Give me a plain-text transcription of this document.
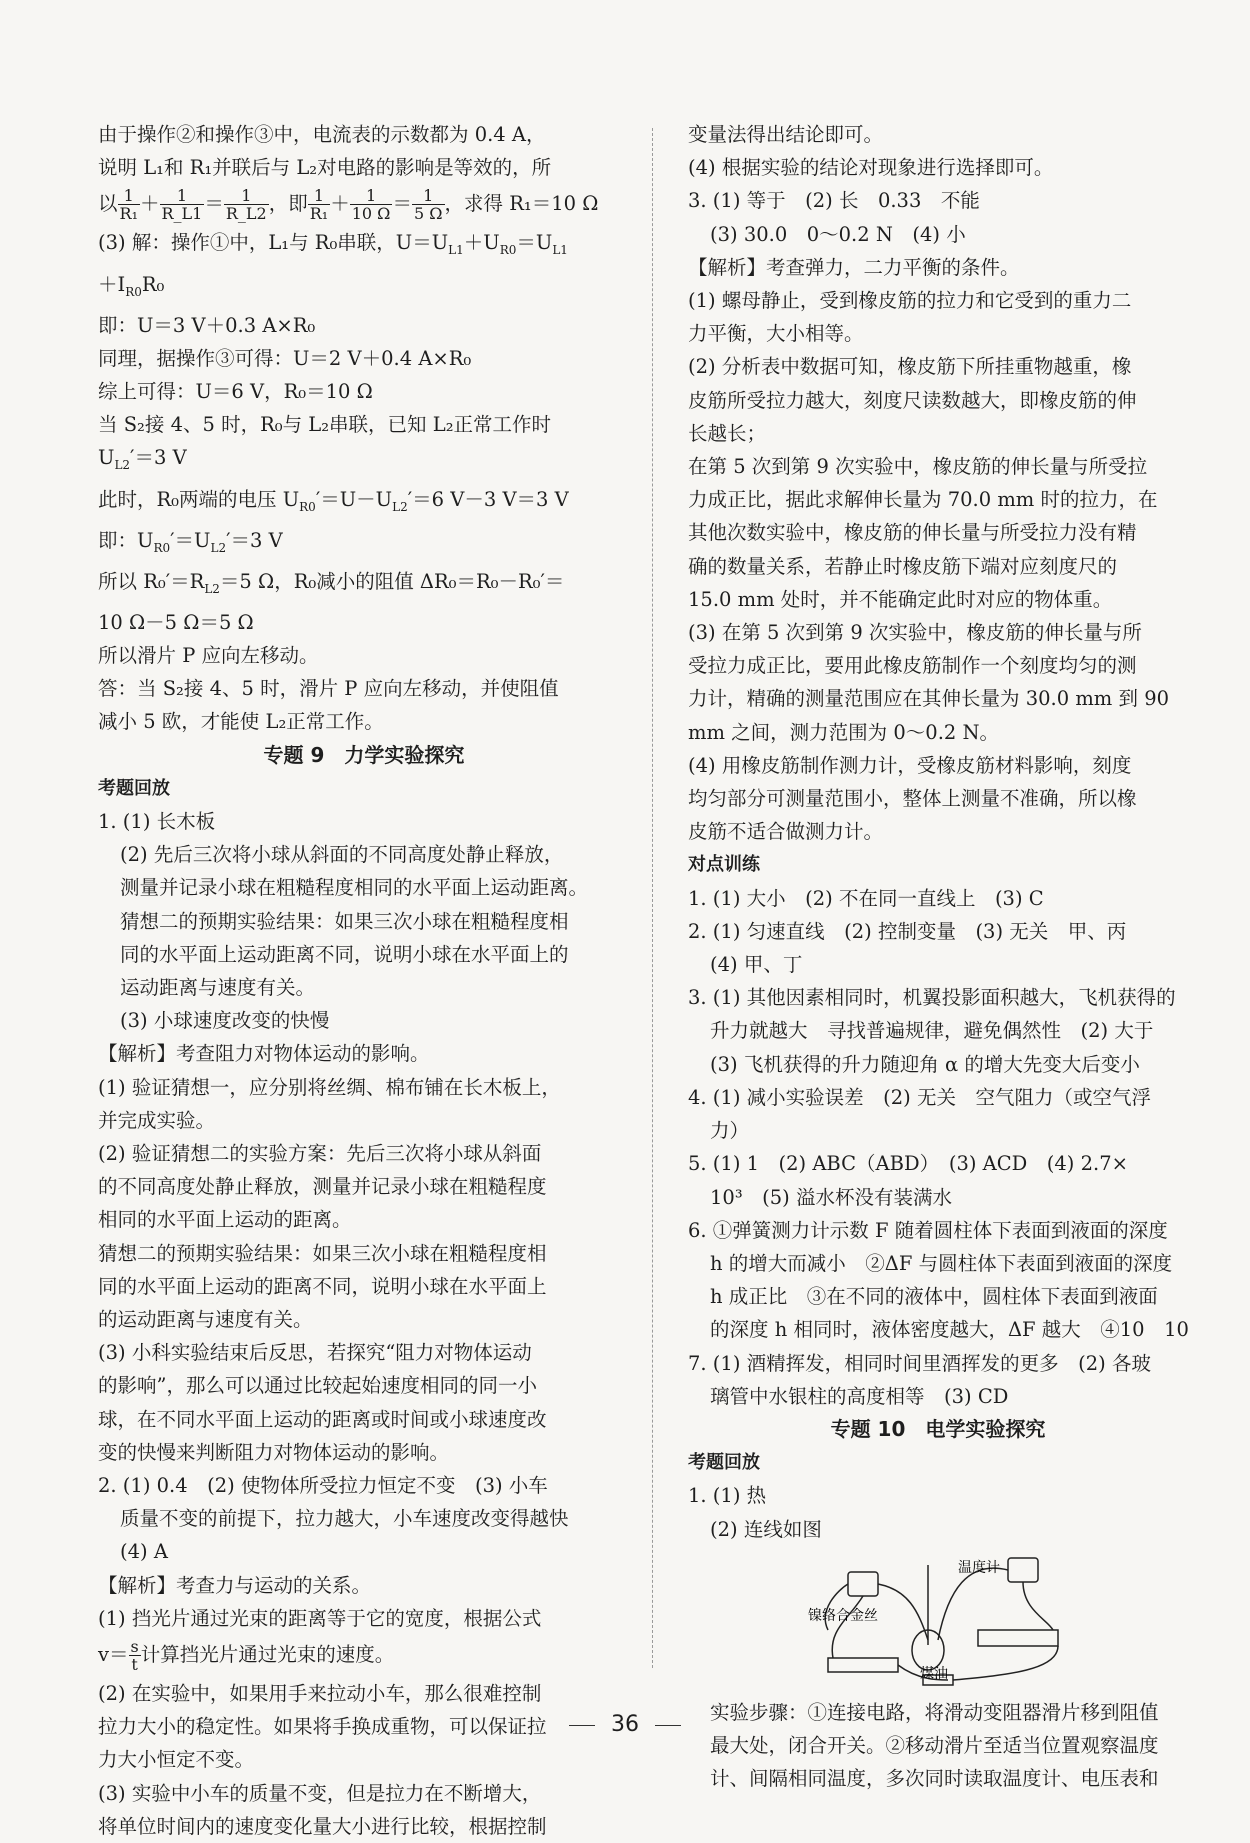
由于操作②和操作③中，电流表的示数都为 0.4 A，
说明 L₁和 R₁并联后与 L₂对电路的影响是等效的，所
以 $\frac{1}{\text{R₁}} + \frac{1}{R\_L1} = \frac{1}{R\_L2}$ ，即 $\frac{1}{\text{R₁}} + \frac{1}{10 \Omega} = \frac{1}{5 \Omega}$ ，求得 R₁＝10 Ω
(3) 解：操作①中，L₁与 R₀串联，$U=U_{L1}+U_{R0}=U_{L1}$
$+I_{R0}R_0$
即：U＝3 V＋0.3 A×R₀
同理，据操作③可得：U＝2 V＋0.4 A×R₀
综上可得：U＝6 V，R₀＝10 Ω
当 S₂接 4、5 时，R₀与 L₂串联，已知 L₂正常工作时
$U_{L2}'=3$ V
此时，R₀两端的电压 $U_{R0}'=U-U_{L2}'=6$ V－3 V＝3 V
即：$U_{R0}'=U_{L2}'=3$ V
所以 $R_0'=R_{L2}=5$ Ω，R₀减小的阻值 ΔR₀＝R₀－R₀′＝
10 Ω－5 Ω＝5 Ω
所以滑片 P 应向左移动。
答：当 S₂接 4、5 时，滑片 P 应向左移动，并使阻值
减小 5 欧，才能使 L₂正常工作。
专题 9　力学实验探究
考题回放
1. (1) 长木板
(2) 先后三次将小球从斜面的不同高度处静止释放，
测量并记录小球在粗糙程度相同的水平面上运动距离。
猜想二的预期实验结果：如果三次小球在粗糙程度相
同的水平面上运动距离不同，说明小球在水平面上的
运动距离与速度有关。
(3) 小球速度改变的快慢
【解析】考查阻力对物体运动的影响。
(1) 验证猜想一，应分别将丝绸、棉布铺在长木板上，
并完成实验。
(2) 验证猜想二的实验方案：先后三次将小球从斜面
的不同高度处静止释放，测量并记录小球在粗糙程度
相同的水平面上运动的距离。
猜想二的预期实验结果：如果三次小球在粗糙程度相
同的水平面上运动的距离不同，说明小球在水平面上
的运动距离与速度有关。
(3) 小科实验结束后反思，若探究“阻力对物体运动
的影响”，那么可以通过比较起始速度相同的同一小
球，在不同水平面上运动的距离或时间或小球速度改
变的快慢来判断阻力对物体运动的影响。
2. (1) 0.4　(2) 使物体所受拉力恒定不变　(3) 小车
质量不变的前提下，拉力越大，小车速度改变得越快
(4) A
【解析】考查力与运动的关系。
(1) 挡光片通过光束的距离等于它的宽度，根据公式
$v= \frac{s}{t}$ 计算挡光片通过光束的速度。
(2) 在实验中，如果用手来拉动小车，那么很难控制
拉力大小的稳定性。如果将手换成重物，可以保证拉
力大小恒定不变。
(3) 实验中小车的质量不变，但是拉力在不断增大，
将单位时间内的速度变化量大小进行比较，根据控制
变量法得出结论即可。
(4) 根据实验的结论对现象进行选择即可。
3. (1) 等于　(2) 长　0.33　不能
(3) 30.0　0～0.2 N　(4) 小
【解析】考查弹力，二力平衡的条件。
(1) 螺母静止，受到橡皮筋的拉力和它受到的重力二
力平衡，大小相等。
(2) 分析表中数据可知，橡皮筋下所挂重物越重，橡
皮筋所受拉力越大，刻度尺读数越大，即橡皮筋的伸
长越长；
在第 5 次到第 9 次实验中，橡皮筋的伸长量与所受拉
力成正比，据此求解伸长量为 70.0 mm 时的拉力，在
其他次数实验中，橡皮筋的伸长量与所受拉力没有精
确的数量关系，若静止时橡皮筋下端对应刻度尺的
15.0 mm 处时，并不能确定此时对应的物体重。
(3) 在第 5 次到第 9 次实验中，橡皮筋的伸长量与所
受拉力成正比，要用此橡皮筋制作一个刻度均匀的测
力计，精确的测量范围应在其伸长量为 30.0 mm 到 90
mm 之间，测力范围为 0～0.2 N。
(4) 用橡皮筋制作测力计，受橡皮筋材料影响，刻度
均匀部分可测量范围小，整体上测量不准确，所以橡
皮筋不适合做测力计。
对点训练
1. (1) 大小　(2) 不在同一直线上　(3) C
2. (1) 匀速直线　(2) 控制变量　(3) 无关　甲、丙
(4) 甲、丁
3. (1) 其他因素相同时，机翼投影面积越大，飞机获得的
升力就越大　寻找普遍规律，避免偶然性　(2) 大于
(3) 飞机获得的升力随迎角 α 的增大先变大后变小
4. (1) 减小实验误差　(2) 无关　空气阻力（或空气浮
力）
5. (1) 1　(2) ABC（ABD）　(3) ACD　(4) 2.7×
10³　(5) 溢水杯没有装满水
6. ①弹簧测力计示数 F 随着圆柱体下表面到液面的深度
h 的增大而减小　②ΔF 与圆柱体下表面到液面的深度
h 成正比　③在不同的液体中，圆柱体下表面到液面
的深度 h 相同时，液体密度越大，ΔF 越大　④10　10
7. (1) 酒精挥发，相同时间里酒挥发的更多　(2) 各玻
璃管中水银柱的高度相等　(3) CD
专题 10　电学实验探究
考题回放
1. (1) 热
(2) 连线如图
温度计
镍络合金丝
煤油
实验步骤：①连接电路，将滑动变阻器滑片移到阻值
最大处，闭合开关。②移动滑片至适当位置观察温度
计、间隔相同温度，多次同时读取温度计、电压表和
36
